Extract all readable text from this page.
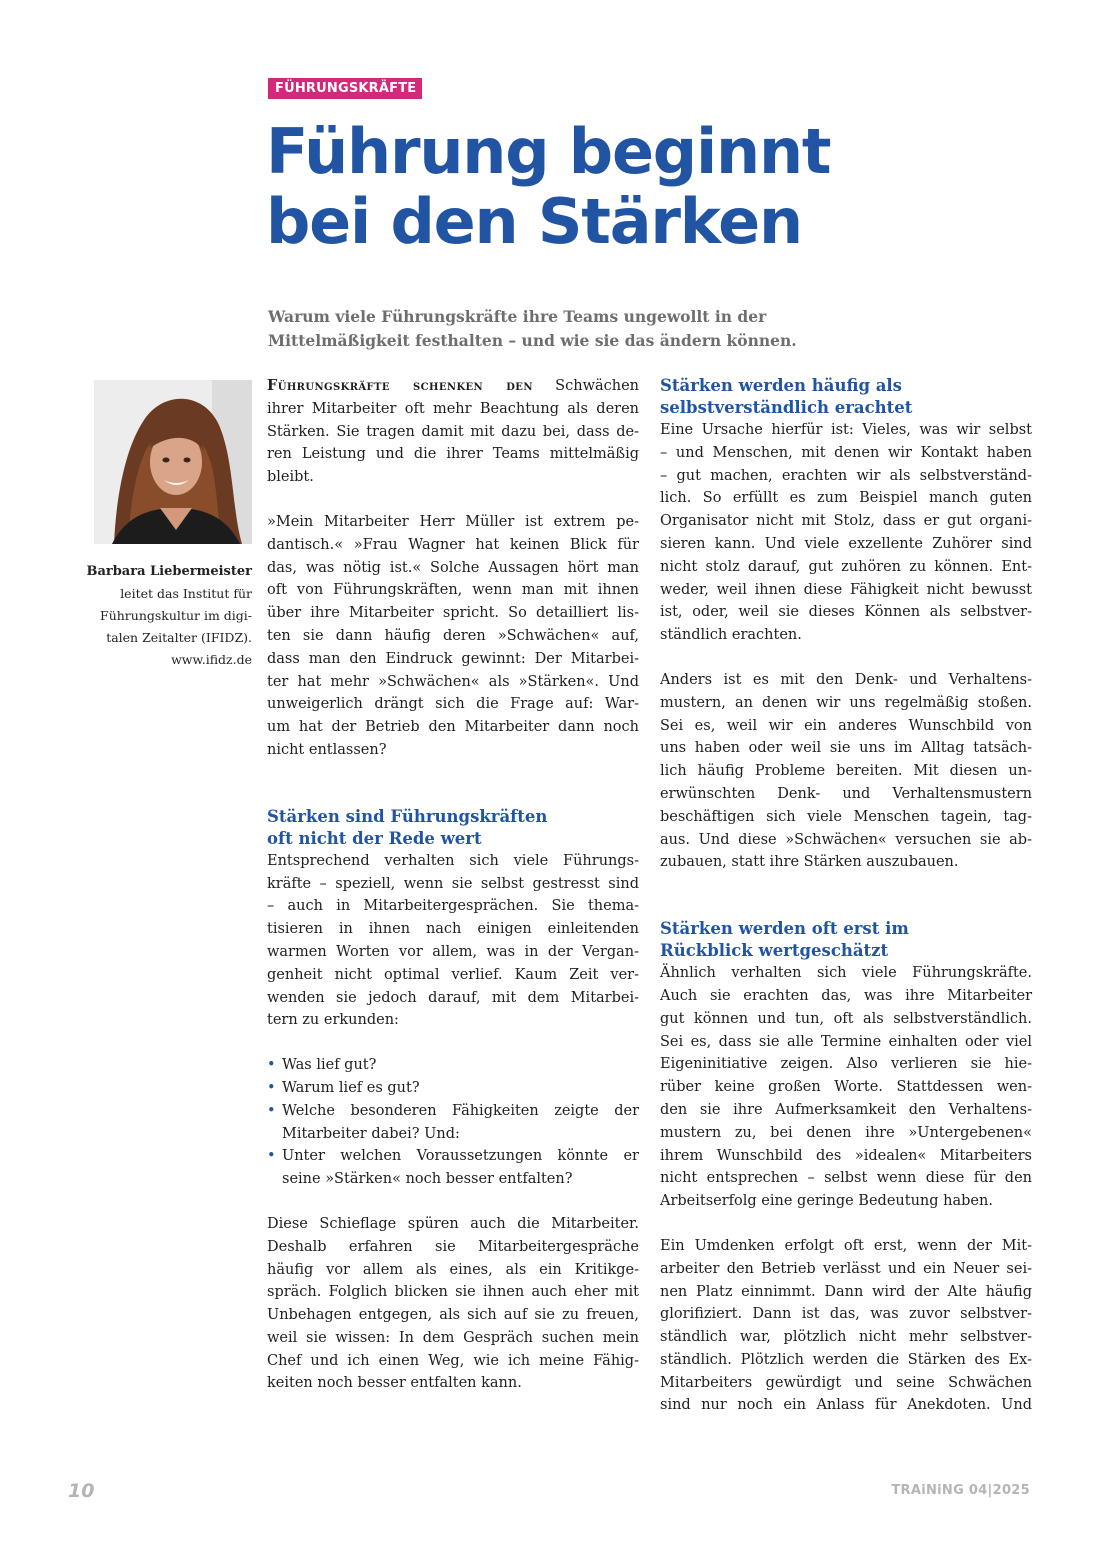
FÜHRUNGSKRÄFTE
Führung beginnt
bei den Stärken

Warum viele Führungskräfte ihre Teams ungewollt in der
Mittelmäßigkeit festhalten – und wie sie das ändern können.

Barbara Liebermeister
leitet das Institut für
Führungskultur im digi-
talen Zeitalter (IFIDZ).
www.ifidz.de

Führungskräfte schenken den Schwächen
ihrer Mitarbeiter oft mehr Beachtung als deren
Stärken. Sie tragen damit mit dazu bei, dass de-
ren Leistung und die ihrer Teams mittelmäßig
bleibt.

»Mein Mitarbeiter Herr Müller ist extrem pe-
dantisch.« »Frau Wagner hat keinen Blick für
das, was nötig ist.« Solche Aussagen hört man
oft von Führungskräften, wenn man mit ihnen
über ihre Mitarbeiter spricht. So detailliert lis-
ten sie dann häufig deren »Schwächen« auf,
dass man den Eindruck gewinnt: Der Mitarbei-
ter hat mehr »Schwächen« als »Stärken«. Und
unweigerlich drängt sich die Frage auf: War-
um hat der Betrieb den Mitarbeiter dann noch
nicht entlassen?

Stärken sind Führungskräften
oft nicht der Rede wert

Entsprechend verhalten sich viele Führungs-
kräfte – speziell, wenn sie selbst gestresst sind
– auch in Mitarbeitergesprächen. Sie thema-
tisieren in ihnen nach einigen einleitenden
warmen Worten vor allem, was in der Vergan-
genheit nicht optimal verlief. Kaum Zeit ver-
wenden sie jedoch darauf, mit dem Mitarbei-
tern zu erkunden:

• Was lief gut?
• Warum lief es gut?
• Welche besonderen Fähigkeiten zeigte der Mitarbeiter dabei? Und:
• Unter welchen Voraussetzungen könnte er seine »Stärken« noch besser entfalten?

Diese Schieflage spüren auch die Mitarbeiter.
Deshalb erfahren sie Mitarbeitergespräche
häufig vor allem als eines, als ein Kritikge-
spräch. Folglich blicken sie ihnen auch eher mit
Unbehagen entgegen, als sich auf sie zu freuen,
weil sie wissen: In dem Gespräch suchen mein
Chef und ich einen Weg, wie ich meine Fähig-
keiten noch besser entfalten kann.

Stärken werden häufig als
selbstverständlich erachtet

Eine Ursache hierfür ist: Vieles, was wir selbst
– und Menschen, mit denen wir Kontakt haben
– gut machen, erachten wir als selbstverständ-
lich. So erfüllt es zum Beispiel manch guten
Organisator nicht mit Stolz, dass er gut organi-
sieren kann. Und viele exzellente Zuhörer sind
nicht stolz darauf, gut zuhören zu können. Ent-
weder, weil ihnen diese Fähigkeit nicht bewusst
ist, oder, weil sie dieses Können als selbstver-
ständlich erachten.

Anders ist es mit den Denk- und Verhaltens-
mustern, an denen wir uns regelmäßig stoßen.
Sei es, weil wir ein anderes Wunschbild von
uns haben oder weil sie uns im Alltag tatsäch-
lich häufig Probleme bereiten. Mit diesen un-
erwünschten Denk- und Verhaltensmustern
beschäftigen sich viele Menschen tagein, tag-
aus. Und diese »Schwächen« versuchen sie ab-
zubauen, statt ihre Stärken auszubauen.

Stärken werden oft erst im
Rückblick wertgeschätzt

Ähnlich verhalten sich viele Führungskräfte.
Auch sie erachten das, was ihre Mitarbeiter
gut können und tun, oft als selbstverständlich.
Sei es, dass sie alle Termine einhalten oder viel
Eigeninitiative zeigen. Also verlieren sie hie-
rüber keine großen Worte. Stattdessen wen-
den sie ihre Aufmerksamkeit den Verhaltens-
mustern zu, bei denen ihre »Untergebenen«
ihrem Wunschbild des »idealen« Mitarbeiters
nicht entsprechen – selbst wenn diese für den
Arbeitserfolg eine geringe Bedeutung haben.

Ein Umdenken erfolgt oft erst, wenn der Mit-
arbeiter den Betrieb verlässt und ein Neuer sei-
nen Platz einnimmt. Dann wird der Alte häufig
glorifiziert. Dann ist das, was zuvor selbstver-
ständlich war, plötzlich nicht mehr selbstver-
ständlich. Plötzlich werden die Stärken des Ex-
Mitarbeiters gewürdigt und seine Schwächen
sind nur noch ein Anlass für Anekdoten. Und

10	TRAiNiNG 04|2025
